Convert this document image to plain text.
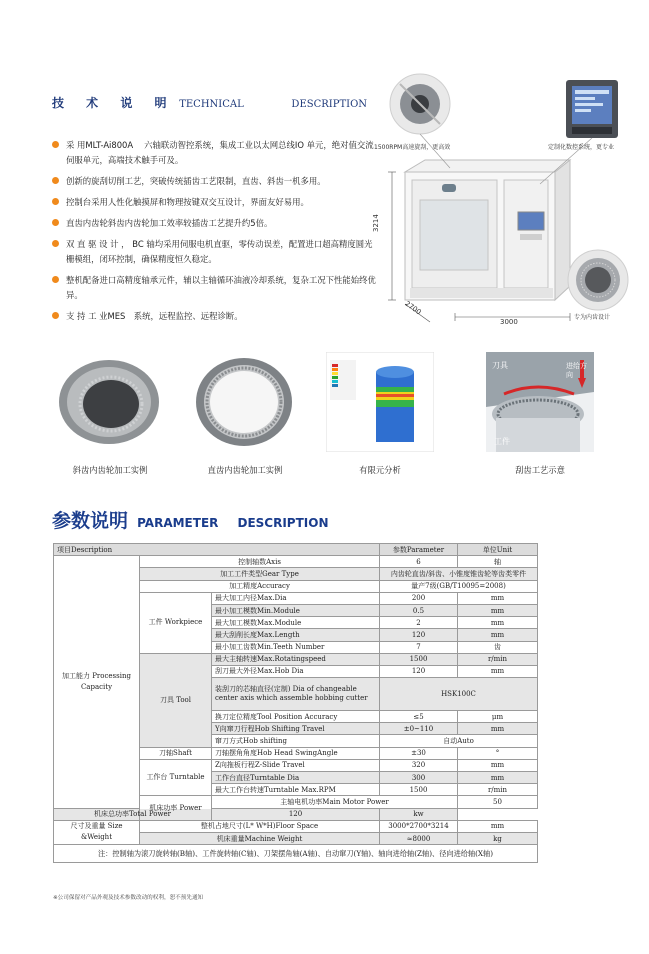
技 术 说 明 TECHNICAL	DESCRIPTION
采 用MLT-Ai800A　 六轴联动智控系统，集成工业以太网总线IO 单元，绝对值交流伺服单元，高端技术触手可及。
创新的旋刮切削工艺，突破传统插齿工艺限制，直齿、斜齿一机多用。
控制台采用人性化触摸屏和物理按键双交互设计，界面友好易用。
直齿内齿轮斜齿内齿轮加工效率较插齿工艺提升约5倍。
双 直 驱 设 计 ， BC 轴均采用伺服电机直驱，零传动误差，配置进口超高精度圆光栅模组，闭环控制，确保精度恒久稳定。
整机配备进口高精度轴承元件，辅以主轴循环油液冷却系统，复杂工况下性能始终优异。
支 持 工 业MES　系统，远程监控、远程诊断。
1500RPM高速旋刮，更高效	定制化数控系统，更专业
专为内齿设计
3214
2700
3000
刀具
工件
进给方向
斜齿内齿轮加工实例	直齿内齿轮加工实例	有限元分析	刮齿工艺示意
参数说明 PARAMETER DESCRIPTION
项目Description			参数Parameter	单位Unit	
加工能力 Processing Capacity	控制轴数Axis		6	轴	
	加工工件类型Gear Type		内齿轮直齿/斜齿、小锥度锥齿轮等齿类零件		
	加工精度Accuracy		量产7级(GB/T10095=2008)		
	工件 Workpiece	最大加工内径Max.Dia	200	mm	
		最小加工模数Min.Module	0.5	mm	
		最大加工模数Max.Module	2	mm	
		最大刮削长度Max.Length	120	mm	
		最小加工齿数Min.Teeth Number	7	齿	
	刀具 Tool	最大主轴转速Max.Rotatingspeed	1500	r/min	
		刮刀最大外径Max.Hob Dia	120	mm	
		装刮刀的芯轴直径(定制) Dia of changeable center axis which assemble hobbing cutter	HSK100C		
		换刀定位精度Tool Position Accuracy	≤5	μm	
		Y向窜刀行程Hob Shifting Travel	±0~110	mm	
		窜刀方式Hob shifting	自动Auto		
	刀轴Shaft	刀轴摆角角度Hob Head SwingAngle	±30	°	
	工作台 Turntable	Z向拖板行程Z-Slide Travel	320	mm	
		工作台直径Turntable Dia	300	mm	
		最大工作台转速Turntable Max.RPM	1500	r/min	
	机床功率 Power	主轴电机功率Main Motor Power		50	
机床总功率Total Power		120	kw		
尺寸及重量 Size &Weight	整机占地尺寸(L* W*H)Floor Space		3000*2700*3214	mm	
	机床重量Machine Weight		≈8000	kg	
注：控制轴为滚刀旋转轴(B轴)、工件旋转轴(C轴)、刀架摆角轴(A轴)、自动窜刀(Y轴)、轴向进给轴(Z轴)、径向进给轴(X轴)					
※公司保留对产品外观及技术参数改动的权利，恕不预先通知
